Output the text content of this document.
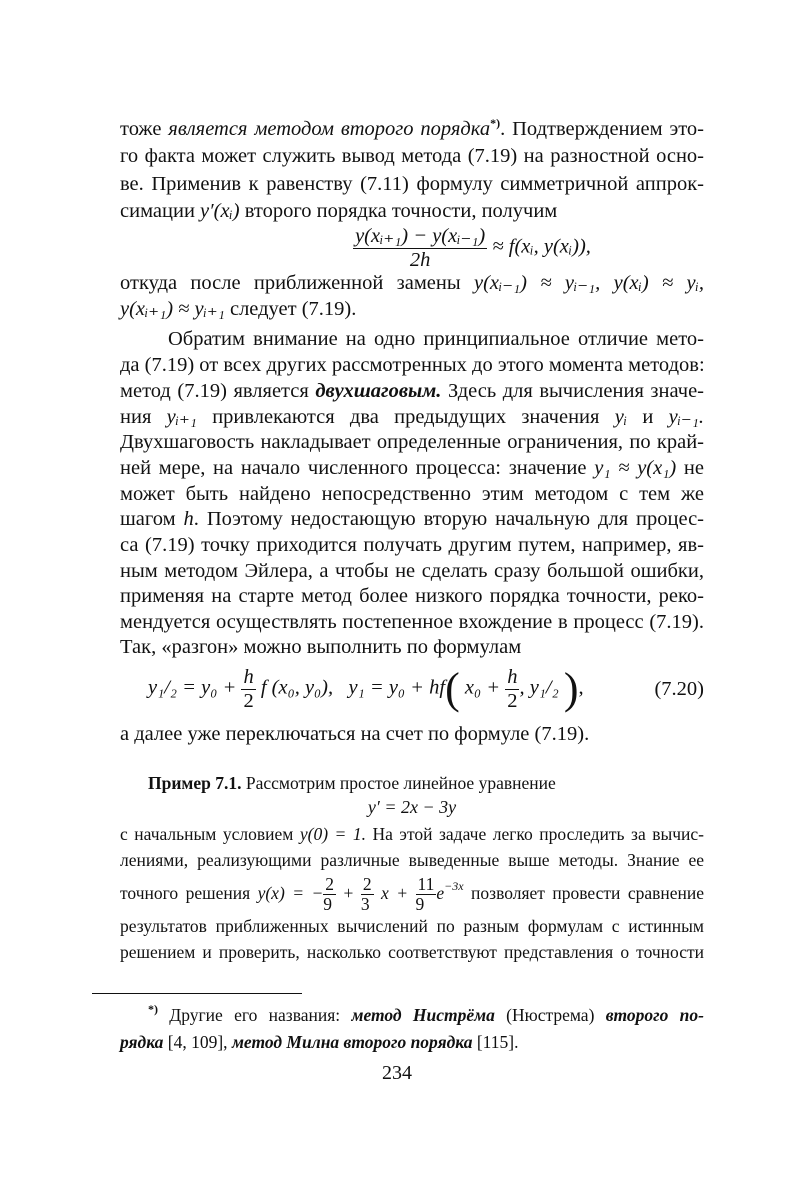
тоже является методом второго порядка*). Подтверждением это-
го факта может служить вывод метода (7.19) на разностной осно-
ве. Применив к равенству (7.11) формулу симметричной аппрок-
симации y′(xᵢ) второго порядка точности, получим
$\frac{\text{y(xᵢ₊₁) − y(xᵢ₋₁)}}{2h}$ ≈ f(xᵢ, y(xᵢ)),
откуда после приближенной замены y(xᵢ₋₁) ≈ yᵢ₋₁, y(xᵢ) ≈ yᵢ,
y(xᵢ₊₁) ≈ yᵢ₊₁ следует (7.19).
Обратим внимание на одно принципиальное отличие мето-
да (7.19) от всех других рассмотренных до этого момента методов:
метод (7.19) является двухшаговым. Здесь для вычисления значе-
ния yᵢ₊₁ привлекаются два предыдущих значения yᵢ и yᵢ₋₁.
Двухшаговость накладывает определенные ограничения, по край-
ней мере, на начало численного процесса: значение y₁ ≈ y(x₁) не
может быть найдено непосредственно этим методом с тем же
шагом h. Поэтому недостающую вторую начальную для процес-
са (7.19) точку приходится получать другим путем, например, яв-
ным методом Эйлера, а чтобы не сделать сразу большой ошибки,
применяя на старте метод более низкого порядка точности, реко-
мендуется осуществлять постепенное вхождение в процесс (7.19).
Так, «разгон» можно выполнить по формулам
$y_1/_2 = y_0 + \frac{h}{2}$ f (x₀, y₀), y₁ = y₀ + hf( $x_0 + \frac{h}{2}$ , y₁/₂ ),	(7.20)
а далее уже переключаться на счет по формуле (7.19).
Пример 7.1. Рассмотрим простое линейное уравнение
y′ = 2x − 3y
с начальным условием y(0) = 1. На этой задаче легко проследить за вычис-
лениями, реализующими различные выведенные выше методы. Знание ее
точного решения y(x) = − $\frac{2}{9} + \frac{2}{3}$ $x + \frac{11}{9} e^{-3x}$ позволяет провести сравнение
результатов приближенных вычислений по разным формулам с истинным
решением и проверить, насколько соответствуют представления о точности
*) Другие его названия: метод Нистрёма (Нюстрема) второго по-
рядка [4, 109], метод Милна второго порядка [115].
234
